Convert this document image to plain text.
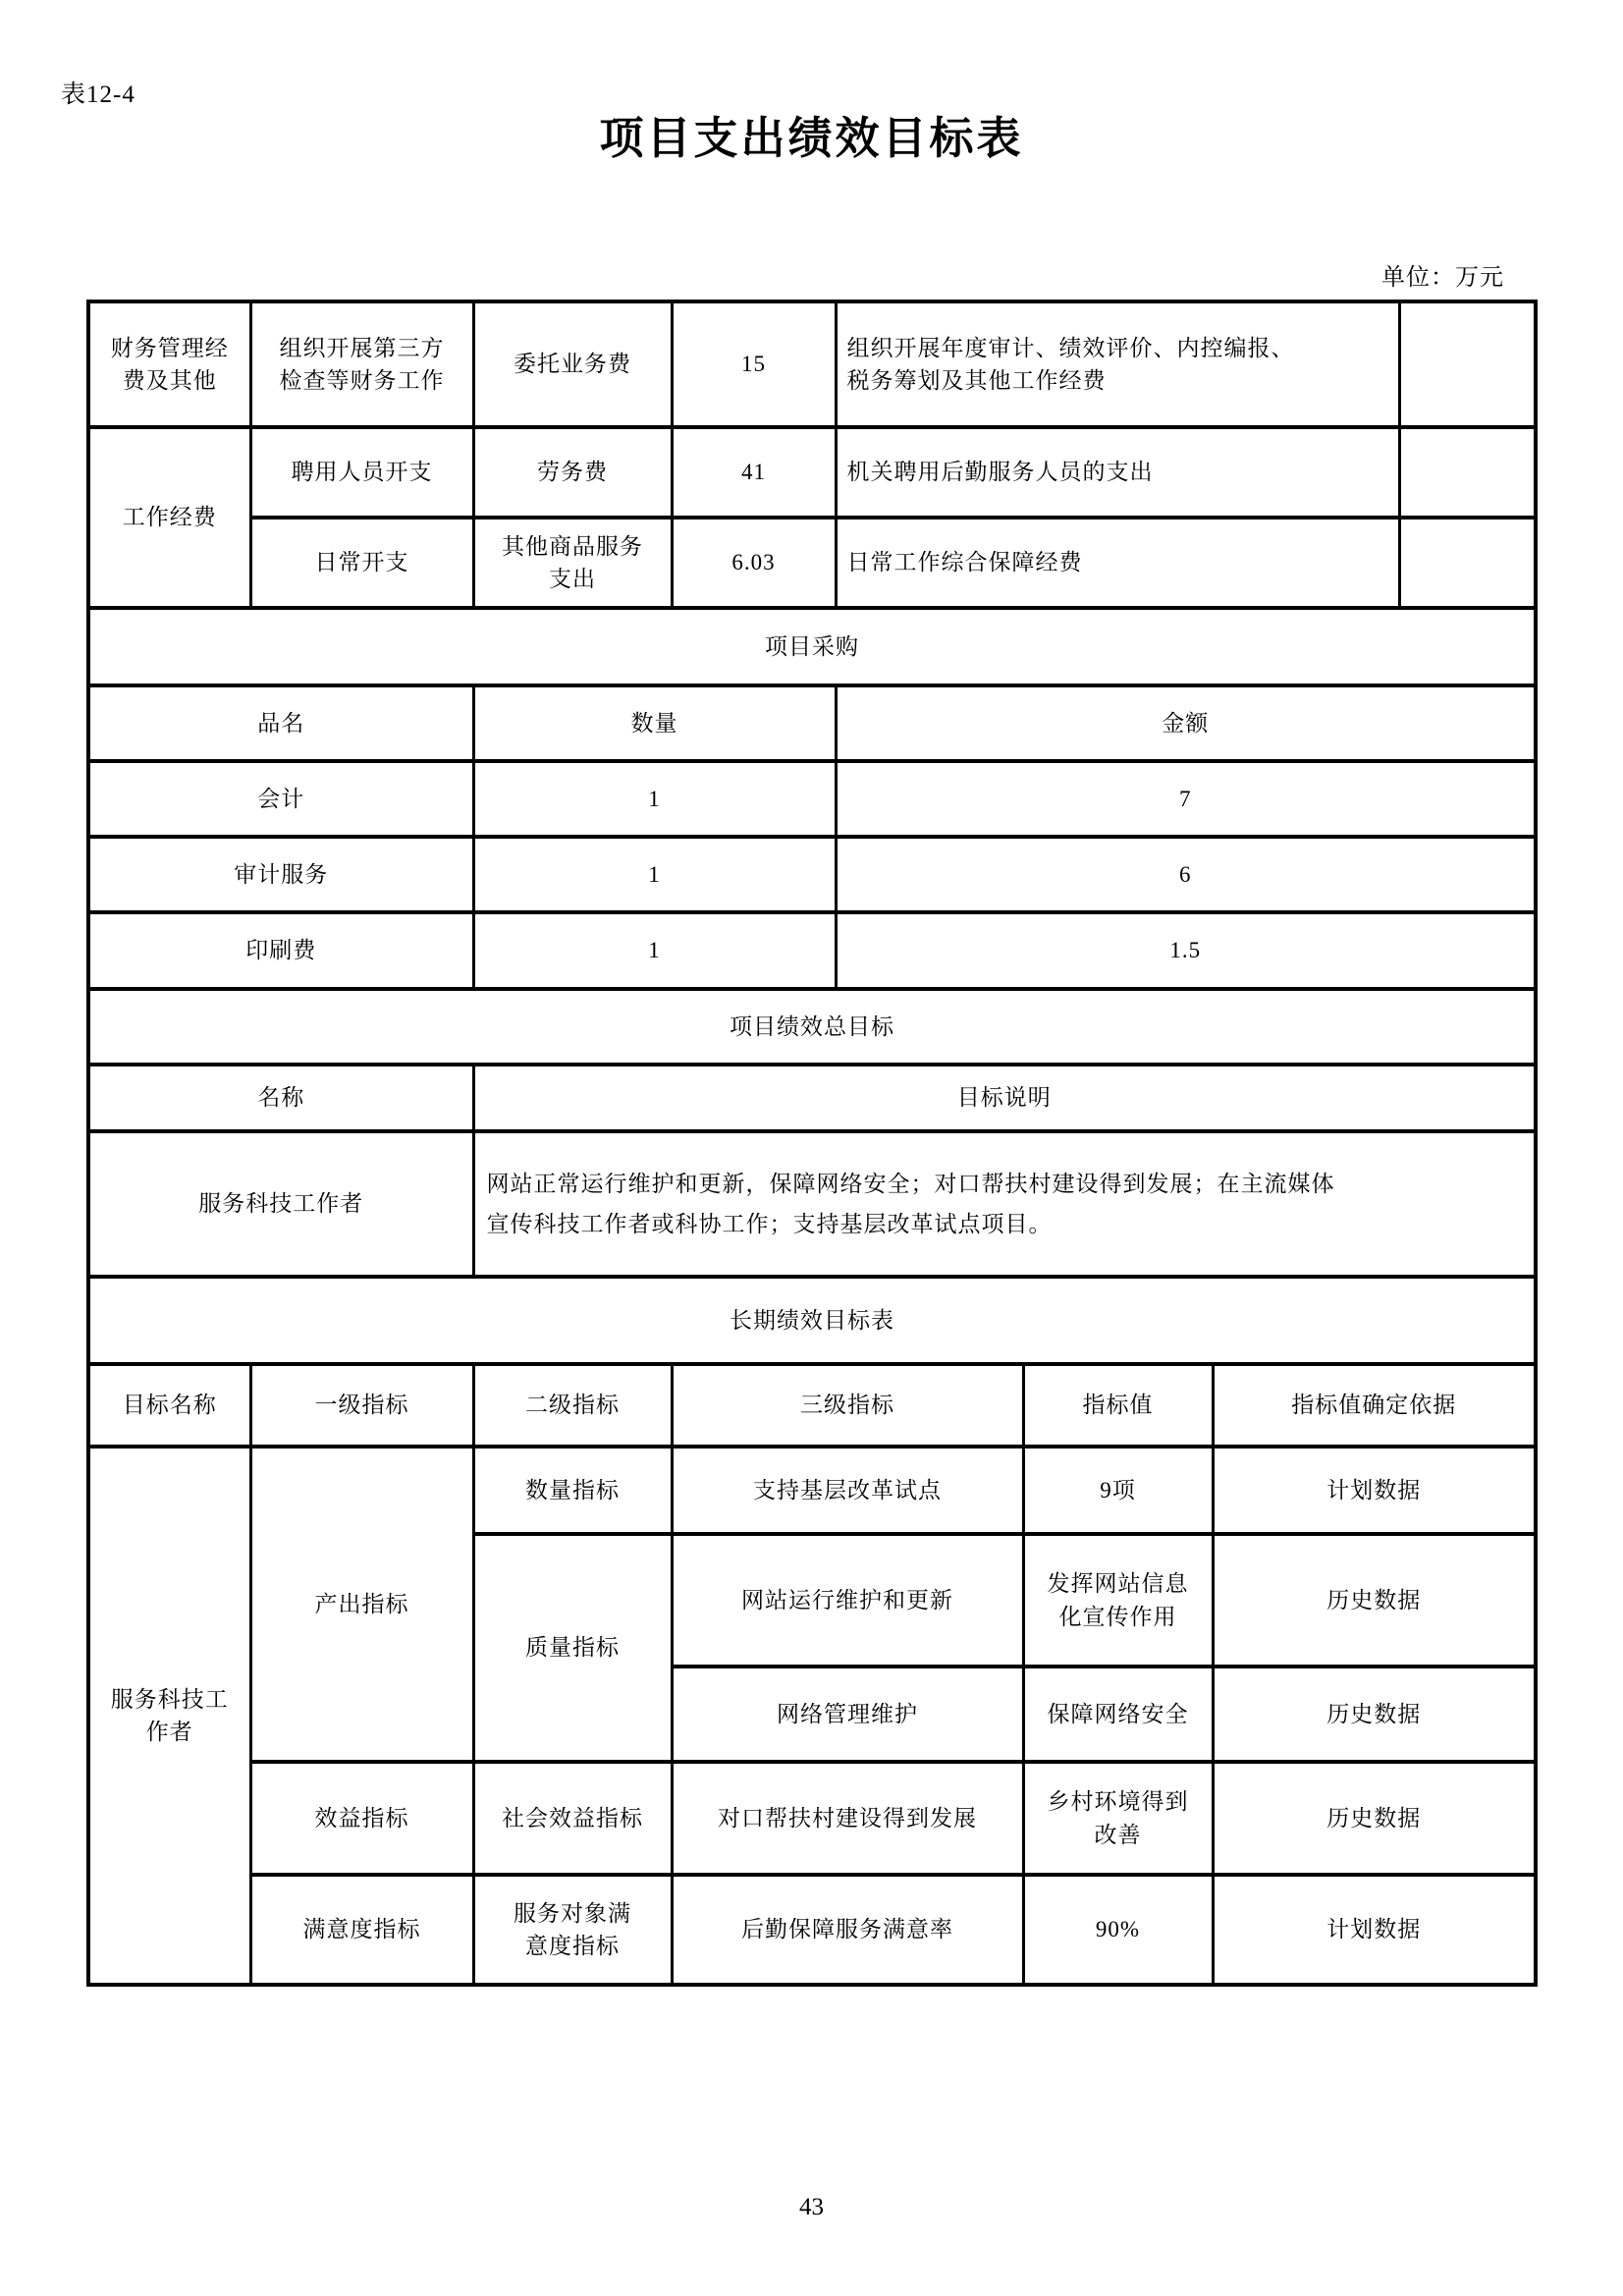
表12-4
项目支出绩效目标表
单位：万元
财务管理经费及其他	组织开展第三方检查等财务工作	委托业务费	15	组织开展年度审计、绩效评价、内控编报、税务筹划及其他工作经费			
工作经费	聘用人员开支	劳务费	41	机关聘用后勤服务人员的支出			
	日常开支	其他商品服务支出	6.03	日常工作综合保障经费			
项目采购							
品名		数量		金额			
会计		1		7			
审计服务		1		6			
印刷费		1		1.5			
项目绩效总目标							
名称		目标说明					
服务科技工作者		网站正常运行维护和更新，保障网络安全；对口帮扶村建设得到发展；在主流媒体宣传科技工作者或科协工作；支持基层改革试点项目。					
长期绩效目标表							
目标名称	一级指标	二级指标	三级指标		指标值	指标值确定依据	
服务科技工作者	产出指标	数量指标	支持基层改革试点		9项	计划数据	
		质量指标	网站运行维护和更新		发挥网站信息化宣传作用	历史数据	
			网络管理维护		保障网络安全	历史数据	
	效益指标	社会效益指标	对口帮扶村建设得到发展		乡村环境得到改善	历史数据	
	满意度指标	服务对象满意度指标	后勤保障服务满意率		90%	计划数据	
43
